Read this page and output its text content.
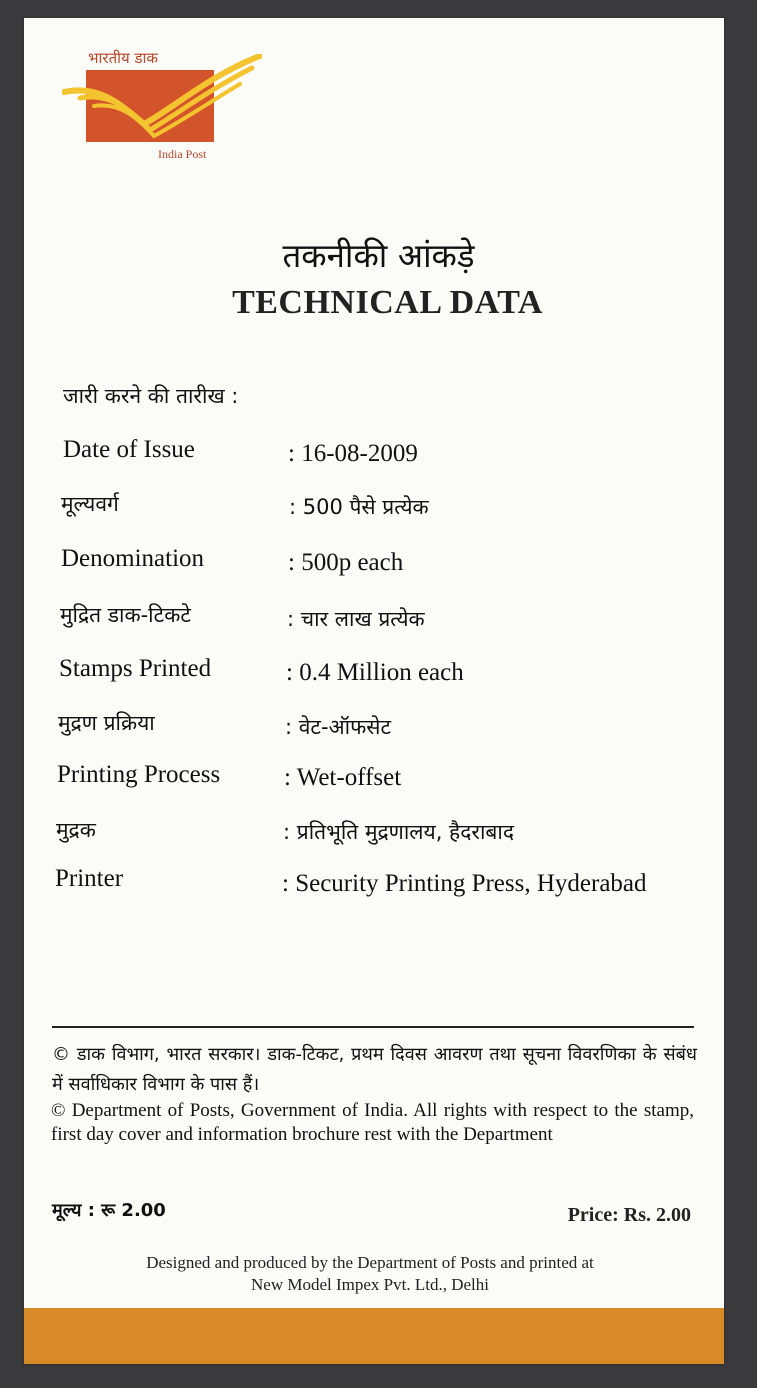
भारतीय डाक
India Post
तकनीकी आंकड़े
TECHNICAL DATA
जारी करने की तारीख :
Date of Issue	: 16-08-2009
मूल्यवर्ग	: 500 पैसे प्रत्येक
Denomination	: 500p each
मुद्रित डाक-टिकटे	: चार लाख प्रत्येक
Stamps Printed	: 0.4 Million each
मुद्रण प्रक्रिया	: वेट-ऑफसेट
Printing Process	: Wet-offset
मुद्रक	: प्रतिभूति मुद्रणालय, हैदराबाद
Printer	: Security Printing Press, Hyderabad
© डाक विभाग, भारत सरकार। डाक-टिकट, प्रथम दिवस आवरण तथा सूचना विवरणिका के संबंध में सर्वाधिकार विभाग के पास हैं।
© Department of Posts, Government of India. All rights with respect to the stamp, first day cover and information brochure rest with the Department
मूल्य : रू 2.00	Price: Rs. 2.00
Designed and produced by the Department of Posts and printed at
New Model Impex Pvt. Ltd., Delhi
